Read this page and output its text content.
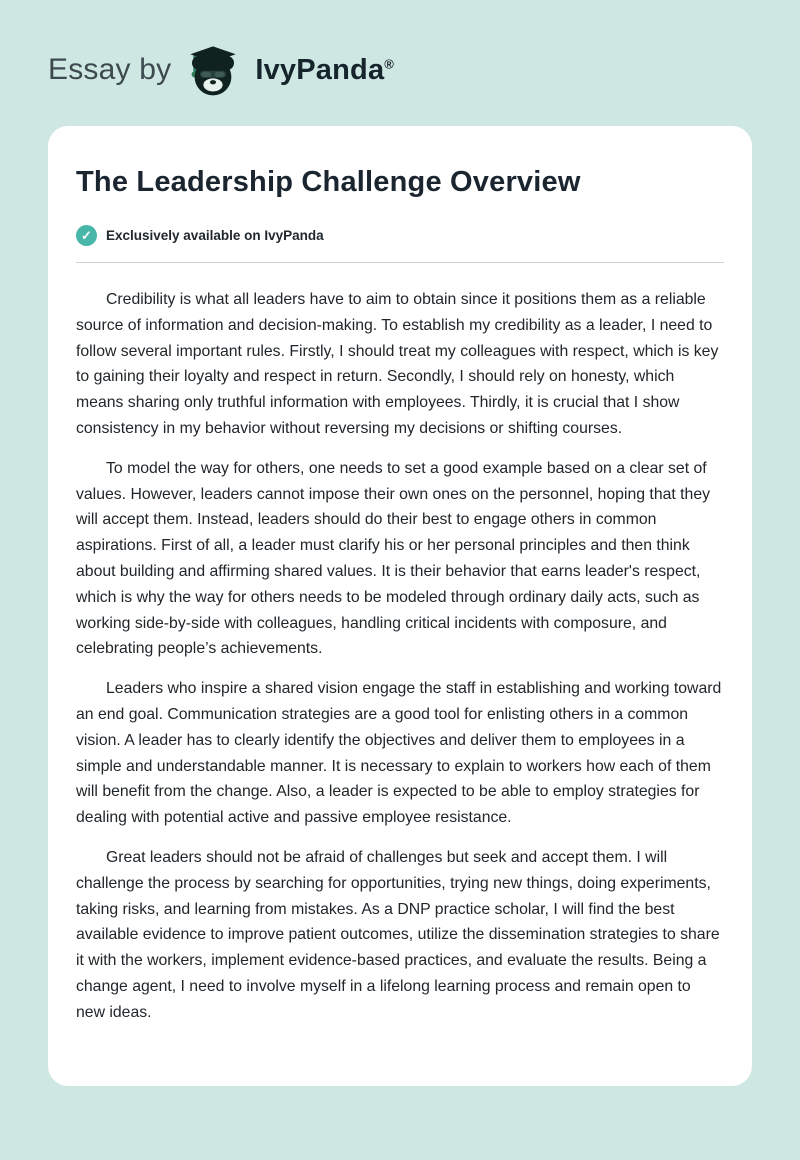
Essay by	IvyPanda®
The Leadership Challenge Overview
✓	Exclusively available on IvyPanda

Credibility is what all leaders have to aim to obtain since it positions them as a reliable source of information and decision-making. To establish my credibility as a leader, I need to follow several important rules. Firstly, I should treat my colleagues with respect, which is key to gaining their loyalty and respect in return. Secondly, I should rely on honesty, which means sharing only truthful information with employees. Thirdly, it is crucial that I show consistency in my behavior without reversing my decisions or shifting courses.

To model the way for others, one needs to set a good example based on a clear set of values. However, leaders cannot impose their own ones on the personnel, hoping that they will accept them. Instead, leaders should do their best to engage others in common aspirations. First of all, a leader must clarify his or her personal principles and then think about building and affirming shared values. It is their behavior that earns leader's respect, which is why the way for others needs to be modeled through ordinary daily acts, such as working side-by-side with colleagues, handling critical incidents with composure, and celebrating people’s achievements.

Leaders who inspire a shared vision engage the staff in establishing and working toward an end goal. Communication strategies are a good tool for enlisting others in a common vision. A leader has to clearly identify the objectives and deliver them to employees in a simple and understandable manner. It is necessary to explain to workers how each of them will benefit from the change. Also, a leader is expected to be able to employ strategies for dealing with potential active and passive employee resistance.

Great leaders should not be afraid of challenges but seek and accept them. I will challenge the process by searching for opportunities, trying new things, doing experiments, taking risks, and learning from mistakes. As a DNP practice scholar, I will find the best available evidence to improve patient outcomes, utilize the dissemination strategies to share it with the workers, implement evidence-based practices, and evaluate the results. Being a change agent, I need to involve myself in a lifelong learning process and remain open to new ideas.
